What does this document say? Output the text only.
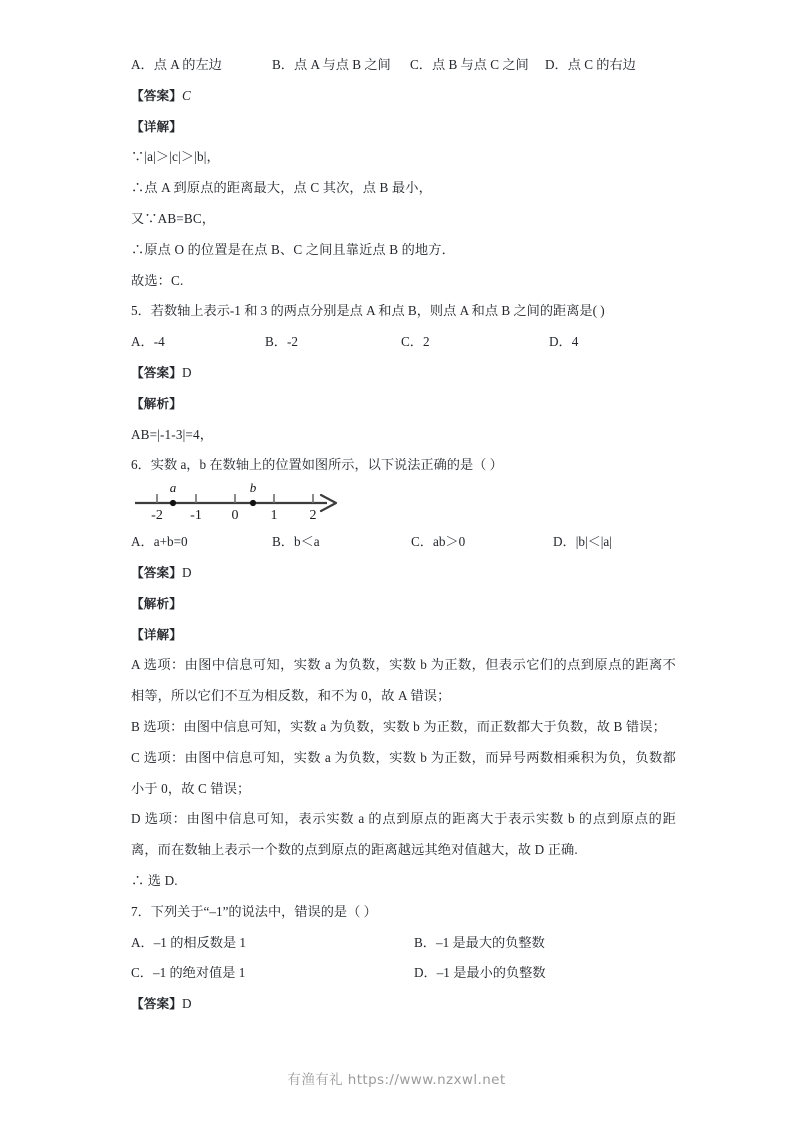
A．点 A 的左边	B．点 A 与点 B 之间 C．点 B 与点 C 之间 D．点 C 的右边
【答案】C
【详解】
∵|a|＞|c|＞|b|，
∴点 A 到原点的距离最大，点 C 其次，点 B 最小，
又∵AB=BC，
∴原点 O 的位置是在点 B、C 之间且靠近点 B 的地方．
故选：C.
5．若数轴上表示‑1 和 3 的两点分别是点 A 和点 B，则点 A 和点 B 之间的距离是( )
A．‑4	B．‑2	C．2	D．4
【答案】D
【解析】
AB=|‑1‑3|=4，
6．实数 a，b 在数轴上的位置如图所示，以下说法正确的是（ ）
-2 -1 0 1 2
a	b
A．a+b=0	B．b＜a	C．ab＞0	D．|b|＜|a|
【答案】D
【解析】
【详解】
A 选项：由图中信息可知，实数 a 为负数，实数 b 为正数，但表示它们的点到原点的距离不相等，所以它们不互为相反数，和不为 0，故 A 错误；
B 选项：由图中信息可知，实数 a 为负数，实数 b 为正数，而正数都大于负数，故 B 错误；
C 选项：由图中信息可知，实数 a 为负数，实数 b 为正数，而异号两数相乘积为负，负数都小于 0，故 C 错误；
D 选项：由图中信息可知，表示实数 a 的点到原点的距离大于表示实数 b 的点到原点的距离，而在数轴上表示一个数的点到原点的距离越远其绝对值越大，故 D 正确.
∴ 选 D.
7．下列关于“–1”的说法中，错误的是（ ）
A．–1 的相反数是 1	B．–1 是最大的负整数
C．–1 的绝对值是 1	D．–1 是最小的负整数
【答案】D
有渔有礼 https://www.nzxwl.net
